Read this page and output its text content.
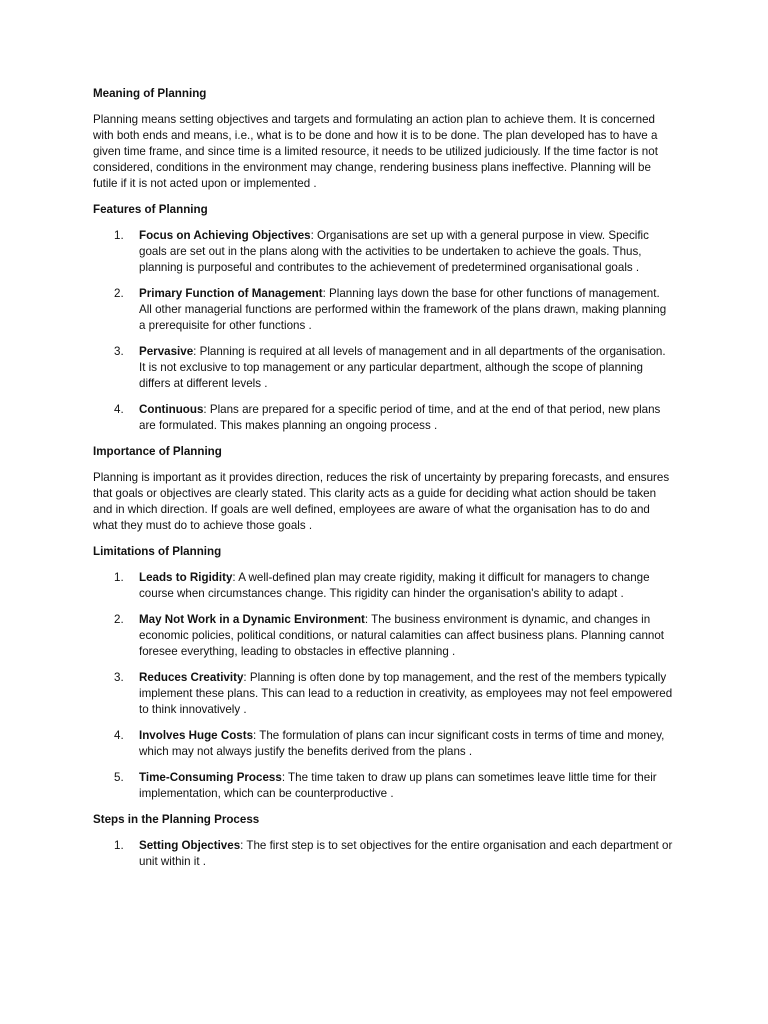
Meaning of Planning

Planning means setting objectives and targets and formulating an action plan to achieve them. It is concerned with both ends and means, i.e., what is to be done and how it is to be done. The plan developed has to have a given time frame, and since time is a limited resource, it needs to be utilized judiciously. If the time factor is not considered, conditions in the environment may change, rendering business plans ineffective. Planning will be futile if it is not acted upon or implemented .

Features of Planning
1. Focus on Achieving Objectives: Organisations are set up with a general purpose in view. Specific goals are set out in the plans along with the activities to be undertaken to achieve the goals. Thus, planning is purposeful and contributes to the achievement of predetermined organisational goals .
2. Primary Function of Management: Planning lays down the base for other functions of management. All other managerial functions are performed within the framework of the plans drawn, making planning a prerequisite for other functions .
3. Pervasive: Planning is required at all levels of management and in all departments of the organisation. It is not exclusive to top management or any particular department, although the scope of planning differs at different levels .
4. Continuous: Plans are prepared for a specific period of time, and at the end of that period, new plans are formulated. This makes planning an ongoing process .
Importance of Planning

Planning is important as it provides direction, reduces the risk of uncertainty by preparing forecasts, and ensures that goals or objectives are clearly stated. This clarity acts as a guide for deciding what action should be taken and in which direction. If goals are well defined, employees are aware of what the organisation has to do and what they must do to achieve those goals .

Limitations of Planning
1. Leads to Rigidity: A well-defined plan may create rigidity, making it difficult for managers to change course when circumstances change. This rigidity can hinder the organisation's ability to adapt .
2. May Not Work in a Dynamic Environment: The business environment is dynamic, and changes in economic policies, political conditions, or natural calamities can affect business plans. Planning cannot foresee everything, leading to obstacles in effective planning .
3. Reduces Creativity: Planning is often done by top management, and the rest of the members typically implement these plans. This can lead to a reduction in creativity, as employees may not feel empowered to think innovatively .
4. Involves Huge Costs: The formulation of plans can incur significant costs in terms of time and money, which may not always justify the benefits derived from the plans .
5. Time-Consuming Process: The time taken to draw up plans can sometimes leave little time for their implementation, which can be counterproductive .
Steps in the Planning Process
1. Setting Objectives: The first step is to set objectives for the entire organisation and each department or unit within it .
